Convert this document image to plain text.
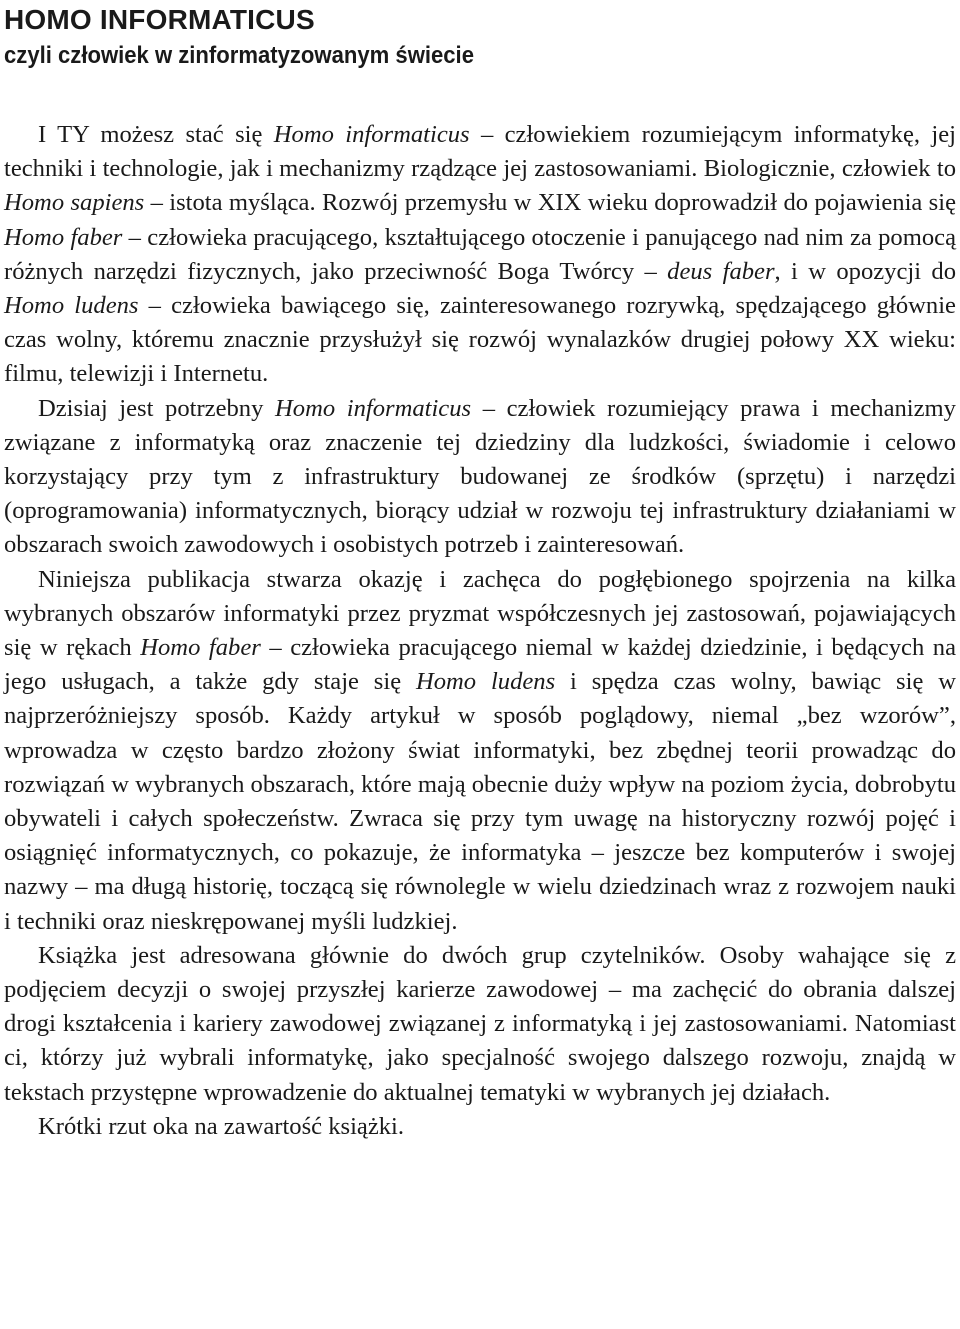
HOMO INFORMATICUS
czyli człowiek w zinformatyzowanym świecie

I TY możesz stać się Homo informaticus – człowiekiem rozumiejącym informatykę, jej techniki i technologie, jak i mechanizmy rządzące jej zastosowaniami. Biologicznie, człowiek to Homo sapiens – istota myśląca. Rozwój przemysłu w XIX wieku doprowadził do pojawienia się Homo faber – człowieka pracującego, kształtującego otoczenie i panującego nad nim za pomocą różnych narzędzi fizycznych, jako przeciwność Boga Twórcy – deus faber, i w opozycji do Homo ludens – człowieka bawiącego się, zainteresowanego rozrywką, spędzającego głównie czas wolny, któremu znacznie przysłużył się rozwój wynalazków drugiej połowy XX wieku: filmu, telewizji i Internetu.

Dzisiaj jest potrzebny Homo informaticus – człowiek rozumiejący prawa i mechanizmy związane z informatyką oraz znaczenie tej dziedziny dla ludzkości, świadomie i celowo korzystający przy tym z infrastruktury budowanej ze środków (sprzętu) i narzędzi (oprogramowania) informatycznych, biorący udział w rozwoju tej infrastruktury działaniami w obszarach swoich zawodowych i osobistych potrzeb i zainteresowań.

Niniejsza publikacja stwarza okazję i zachęca do pogłębionego spojrzenia na kilka wybranych obszarów informatyki przez pryzmat współczesnych jej zastosowań, pojawiających się w rękach Homo faber – człowieka pracującego niemal w każdej dziedzinie, i będących na jego usługach, a także gdy staje się Homo ludens i spędza czas wolny, bawiąc się w najprzeróżniejszy sposób. Każdy artykuł w sposób poglądowy, niemal „bez wzorów”, wprowadza w często bardzo złożony świat informatyki, bez zbędnej teorii prowadząc do rozwiązań w wybranych obszarach, które mają obecnie duży wpływ na poziom życia, dobrobytu obywateli i całych społeczeństw. Zwraca się przy tym uwagę na historyczny rozwój pojęć i osiągnięć informatycznych, co pokazuje, że informatyka – jeszcze bez komputerów i swojej nazwy – ma długą historię, toczącą się równolegle w wielu dziedzinach wraz z rozwojem nauki i techniki oraz nieskrępowanej myśli ludzkiej.

Książka jest adresowana głównie do dwóch grup czytelników. Osoby wahające się z podjęciem decyzji o swojej przyszłej karierze zawodowej – ma zachęcić do obrania dalszej drogi kształcenia i kariery zawodowej związanej z informatyką i jej zastosowaniami. Natomiast ci, którzy już wybrali informatykę, jako specjalność swojego dalszego rozwoju, znajdą w tekstach przystępne wprowadzenie do aktualnej tematyki w wybranych jej działach.

Krótki rzut oka na zawartość książki.
